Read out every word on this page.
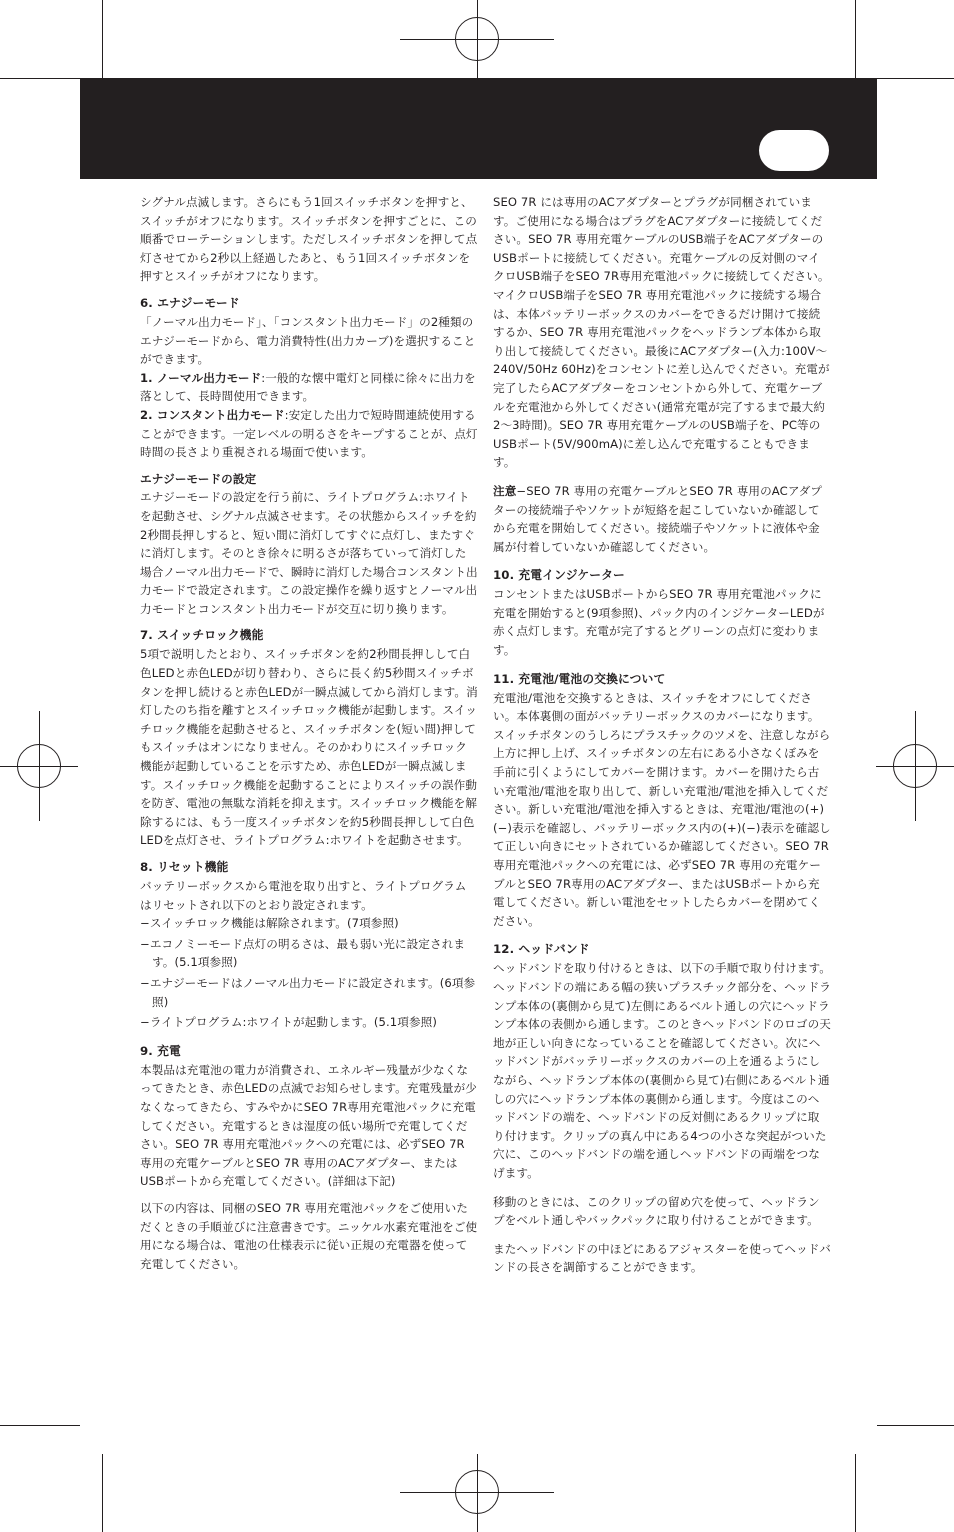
シグナル点滅します。さらにもう1回スイッチボタンを押すと、スイッチがオフになります。スイッチボタンを押すごとに、この順番でローテーションします。ただしスイッチボタンを押して点灯させてから2秒以上経過したあと、もう1回スイッチボタンを押すとスイッチがオフになります。

6. エナジーモード

「ノーマル出力モード」、「コンスタント出力モード」の2種類のエナジーモードから、電力消費特性(出力カーブ)を選択することができます。

1. ノーマル出力モード:一般的な懐中電灯と同様に徐々に出力を落として、長時間使用できます。

2. コンスタント出力モード:安定した出力で短時間連続使用することができます。一定レベルの明るさをキープすることが、点灯時間の長さより重視される場面で使います。

エナジーモードの設定

エナジーモードの設定を行う前に、ライトプログラム:ホワイトを起動させ、シグナル点滅させます。その状態からスイッチを約2秒間長押しすると、短い間に消灯してすぐに点灯し、またすぐに消灯します。そのとき徐々に明るさが落ちていって消灯した場合ノーマル出力モードで、瞬時に消灯した場合コンスタント出力モードで設定されます。この設定操作を繰り返すとノーマル出力モードとコンスタント出力モードが交互に切り換ります。

7. スイッチロック機能

5項で説明したとおり、スイッチボタンを約2秒間長押しして白色LEDと赤色LEDが切り替わり、さらに長く約5秒間スイッチボタンを押し続けると赤色LEDが一瞬点滅してから消灯します。消灯したのち指を離すとスイッチロック機能が起動します。スイッチロック機能を起動させると、スイッチボタンを(短い間)押してもスイッチはオンになりません。そのかわりにスイッチロック機能が起動していることを示すため、赤色LEDが一瞬点滅します。スイッチロック機能を起動することによりスイッチの誤作動を防ぎ、電池の無駄な消耗を抑えます。スイッチロック機能を解除するには、もう一度スイッチボタンを約5秒間長押しして白色LEDを点灯させ、ライトプログラム:ホワイトを起動させます。

8. リセット機能

バッテリーボックスから電池を取り出すと、ライトプログラムはリセットされ以下のとおり設定されます。

−スイッチロック機能は解除されます。(7項参照)

−エコノミーモード点灯の明るさは、最も弱い光に設定されます。(5.1項参照)

−エナジーモードはノーマル出力モードに設定されます。(6項参照)

−ライトプログラム:ホワイトが起動します。(5.1項参照)

9. 充電

本製品は充電池の電力が消費され、エネルギー残量が少なくなってきたとき、赤色LEDの点滅でお知らせします。充電残量が少なくなってきたら、すみやかにSEO 7R専用充電池パックに充電してください。充電するときは湿度の低い場所で充電してください。SEO 7R 専用充電池パックへの充電には、必ずSEO 7R 専用の充電ケーブルとSEO 7R 専用のACアダプター、またはUSBポートから充電してください。(詳細は下記)

以下の内容は、同梱のSEO 7R 専用充電池パックをご使用いただくときの手順並びに注意書きです。ニッケル水素充電池をご使用になる場合は、電池の仕様表示に従い正規の充電器を使って充電してください。

SEO 7R には専用のACアダプターとプラグが同梱されています。ご使用になる場合はプラグをACアダプターに接続してください。SEO 7R 専用充電ケーブルのUSB端子をACアダプターのUSBポートに接続してください。充電ケーブルの反対側のマイクロUSB端子をSEO 7R専用充電池パックに接続してください。マイクロUSB端子をSEO 7R 専用充電池パックに接続する場合は、本体バッテリーボックスのカバーをできるだけ開けて接続するか、SEO 7R 専用充電池パックをヘッドランプ本体から取り出して接続してください。最後にACアダプター(入力:100V〜240V/50Hz 60Hz)をコンセントに差し込んでください。充電が完了したらACアダプターをコンセントから外して、充電ケーブルを充電池から外してください(通常充電が完了するまで最大約2〜3時間)。SEO 7R 専用充電ケーブルのUSB端子を、PC等のUSBポート(5V/900mA)に差し込んで充電することもできます。

注意−SEO 7R 専用の充電ケーブルとSEO 7R 専用のACアダプターの接続端子やソケットが短絡を起こしていないか確認してから充電を開始してください。接続端子やソケットに液体や金属が付着していないか確認してください。

10. 充電インジケーター

コンセントまたはUSBポートからSEO 7R 専用充電池パックに充電を開始すると(9項参照)、パック内のインジケーターLEDが赤く点灯します。充電が完了するとグリーンの点灯に変わります。

11. 充電池/電池の交換について

充電池/電池を交換するときは、スイッチをオフにしてください。本体裏側の面がバッテリーボックスのカバーになります。スイッチボタンのうしろにプラスチックのツメを、注意しながら上方に押し上げ、スイッチボタンの左右にある小さなくぼみを手前に引くようにしてカバーを開けます。カバーを開けたら古い充電池/電池を取り出して、新しい充電池/電池を挿入してください。新しい充電池/電池を挿入するときは、充電池/電池の(+)(−)表示を確認し、バッテリーボックス内の(+)(−)表示を確認して正しい向きにセットされているか確認してください。SEO 7R専用充電池パックへの充電には、必ずSEO 7R 専用の充電ケーブルとSEO 7R専用のACアダプター、またはUSBポートから充電してください。新しい電池をセットしたらカバーを閉めてください。

12. ヘッドバンド

ヘッドバンドを取り付けるときは、以下の手順で取り付けます。ヘッドバンドの端にある幅の狭いプラスチック部分を、ヘッドランプ本体の(裏側から見て)左側にあるベルト通しの穴にヘッドランプ本体の表側から通します。このときヘッドバンドのロゴの天地が正しい向きになっていることを確認してください。次にヘッドバンドがバッテリーボックスのカバーの上を通るようにしながら、ヘッドランプ本体の(裏側から見て)右側にあるベルト通しの穴にヘッドランプ本体の裏側から通します。今度はこのヘッドバンドの端を、ヘッドバンドの反対側にあるクリップに取り付けます。クリップの真ん中にある4つの小さな突起がついた穴に、このヘッドバンドの端を通しヘッドバンドの両端をつなげます。

移動のときには、このクリップの留め穴を使って、ヘッドランプをベルト通しやバックパックに取り付けることができます。

またヘッドバンドの中ほどにあるアジャスターを使ってヘッドバンドの長さを調節することができます。
